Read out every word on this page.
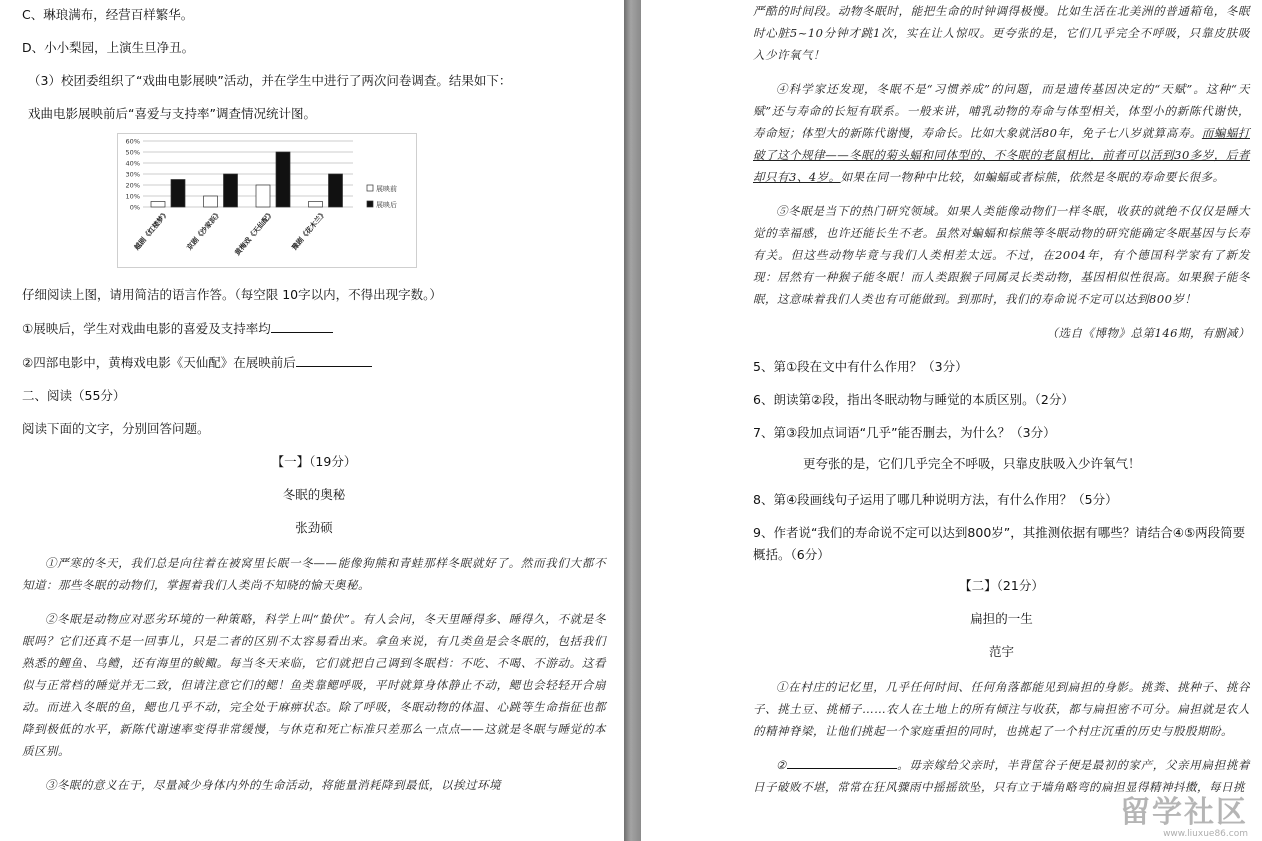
C、琳琅满布，经营百样繁华。

D、小小梨园，上演生旦净丑。

（3）校团委组织了“戏曲电影展映”活动，并在学生中进行了两次问卷调查。结果如下：

戏曲电影展映前后“喜爱与支持率”调查情况统计图。

0%
10%
20%
30%
40%
50%
60%
越剧《红楼梦》 京剧《沙家浜》 黄梅戏《天仙配》 豫剧《花木兰》
展映前
展映后

仔细阅读上图，请用简洁的语言作答。（每空限 10字以内，不得出现字数。）

①展映后，学生对戏曲电影的喜爱及支持率均

②四部电影中，黄梅戏电影《天仙配》在展映前后

二、阅读（55分）

阅读下面的文字，分别回答问题。

【一】（19分）

冬眠的奥秘

张劲硕

①严寒的冬天，我们总是向往着在被窝里长眠一冬——能像狗熊和青蛙那样冬眠就好了。然而我们大都不知道：那些冬眠的动物们，掌握着我们人类尚不知晓的愉天奥秘。

②冬眠是动物应对恶劣环境的一种策略，科学上叫“蛰伏”。有人会问，冬天里睡得多、睡得久，不就是冬眠吗？它们还真不是一回事儿，只是二者的区别不太容易看出来。拿鱼来说，有几类鱼是会冬眠的，包括我们熟悉的鲤鱼、乌鳢，还有海里的鲅鲰。每当冬天来临，它们就把自己调到冬眠档：不吃、不喝、不游动。这看似与正常档的睡觉并无二致，但请注意它们的鳃！鱼类靠鳃呼吸，平时就算身体静止不动，鳃也会轻轻开合扇动。而进入冬眠的鱼，鳃也几乎不动，完全处于麻痹状态。除了呼吸，冬眠动物的体温、心跳等生命指征也都降到极低的水平，新陈代谢速率变得非常缓慢，与休克和死亡标准只差那么一点点——这就是冬眠与睡觉的本质区别。

③冬眠的意义在于，尽量减少身体内外的生命活动，将能量消耗降到最低，以挨过环境

严酷的时间段。动物冬眠时，能把生命的时钟调得极慢。比如生活在北美洲的普通箱龟，冬眠时心脏5~10分钟才跳1次，实在让人惊叹。更夸张的是，它们几乎完全不呼吸，只靠皮肤吸入少许氧气！

④科学家还发现，冬眠不是“习惯养成”的问题，而是遗传基因决定的“天赋”。这种“天赋”还与寿命的长短有联系。一般来讲，哺乳动物的寿命与体型相关，体型小的新陈代谢快，寿命短；体型大的新陈代谢慢，寿命长。比如大象就活80年，免子七八岁就算高寿。而蝙蝠打破了这个规律——冬眠的菊头蝠和同体型的、不冬眠的老鼠相比，前者可以活到30多岁，后者却只有3、4岁。如果在同一物种中比较，如蝙蝠或者棕熊，依然是冬眠的寿命要长很多。

⑤冬眠是当下的热门研究领域。如果人类能像动物们一样冬眠，收获的就绝不仅仅是睡大觉的幸福感，也许还能长生不老。虽然对蝙蝠和棕熊等冬眠动物的研究能确定冬眠基因与长寿有关。但这些动物毕竟与我们人类相差太远。不过，在2004年，有个德国科学家有了新发现：居然有一种猴子能冬眠！而人类跟猴子同属灵长类动物，基因相似性很高。如果猴子能冬眠，这意味着我们人类也有可能做到。到那时，我们的寿命说不定可以达到800岁！

（选自《博物》总第146期，有删减）

5、第①段在文中有什么作用？（3分）

6、朗读第②段，指出冬眠动物与睡觉的本质区别。（2分）

7、第③段加点词语“几乎”能否删去，为什么？（3分）

更夸张的是，它们几乎完全不呼吸，只靠皮肤吸入少许氧气！

8、第④段画线句子运用了哪几种说明方法，有什么作用？（5分）

9、作者说“我们的寿命说不定可以达到800岁”，其推测依据有哪些？请结合④⑤两段简要概括。（6分）

【二】（21分）

扁担的一生

范宇

①在村庄的记忆里，几乎任何时间、任何角落都能见到扁担的身影。挑粪、挑种子、挑谷子、挑土豆、挑桶子……农人在土地上的所有倾注与收获，都与扁担密不可分。扁担就是农人的精神脊梁，让他们挑起一个家庭重担的同时，也挑起了一个村庄沉重的历史与殷殷期盼。

②	。毋亲嫁给父亲时，半背筐谷子便是最初的家产，父亲用扁担挑着日子破败不堪，常常在狂风骤雨中摇摇欲坠，只有立于墙角略弯的扁担显得精神抖擞，每日挑

留学社区
www.liuxue86.com
